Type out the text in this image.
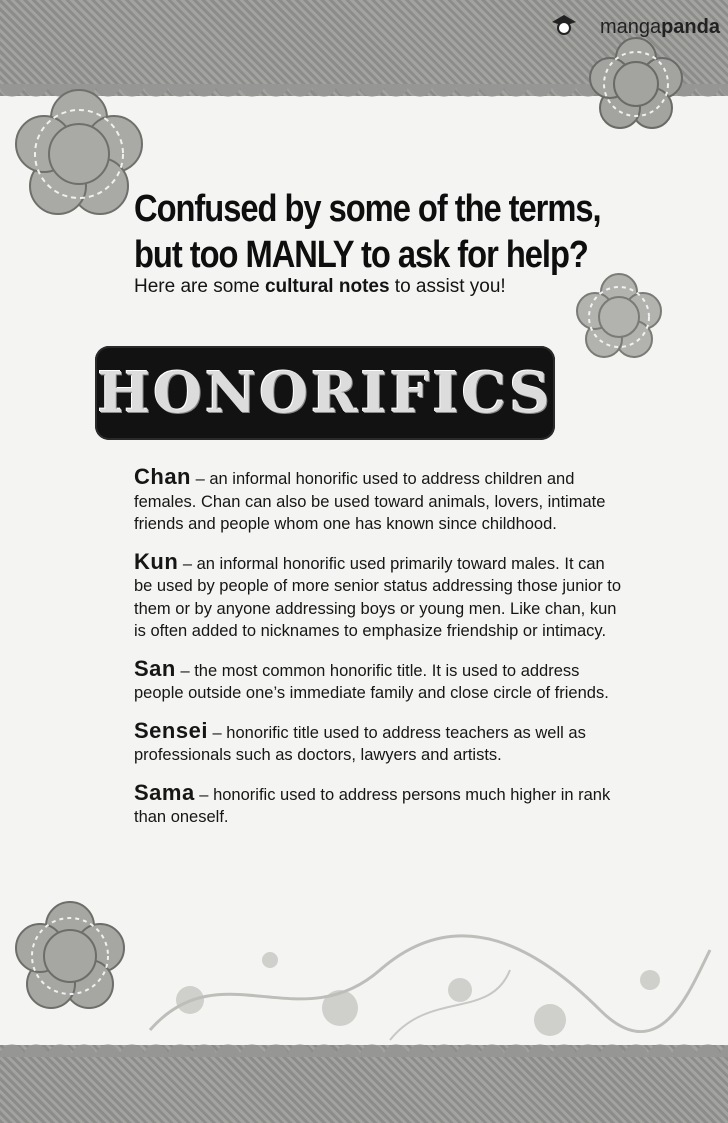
mangapanda
Confused by some of the terms,
but too MANLY to ask for help?
Here are some cultural notes to assist you!
HONORIFICS

Chan – an informal honorific used to address children and females. Chan can also be used toward animals, lovers, intimate friends and people whom one has known since childhood.

Kun – an informal honorific used primarily toward males. It can be used by people of more senior status addressing those junior to them or by anyone addressing boys or young men. Like chan, kun is often added to nicknames to emphasize friendship or intimacy.

San – the most common honorific title. It is used to address people outside one’s immediate family and close circle of friends.

Sensei – honorific title used to address teachers as well as professionals such as doctors, lawyers and artists.

Sama – honorific used to address persons much higher in rank than oneself.
